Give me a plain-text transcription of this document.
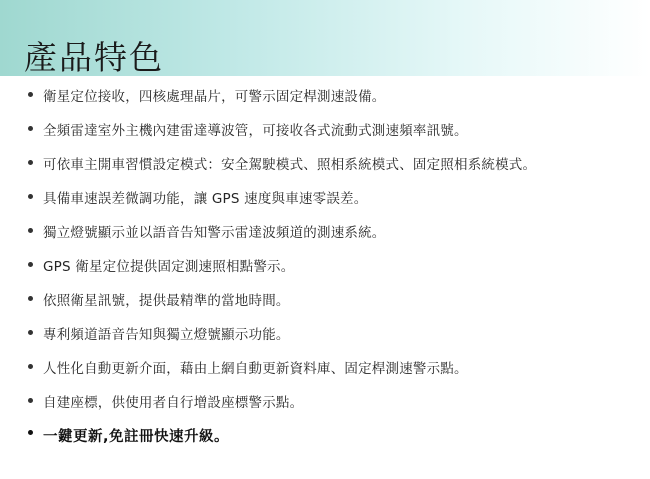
產品特色
衛星定位接收，四核處理晶片，可警示固定桿測速設備。
全頻雷達室外主機內建雷達導波管，可接收各式流動式測速頻率訊號。
可依車主開車習慣設定模式：安全駕駛模式、照相系統模式、固定照相系統模式。
具備車速誤差微調功能，讓 GPS 速度與車速零誤差。
獨立燈號顯示並以語音告知警示雷達波頻道的測速系統。
GPS 衛星定位提供固定測速照相點警示。
依照衛星訊號，提供最精準的當地時間。
專利頻道語音告知與獨立燈號顯示功能。
人性化自動更新介面，藉由上網自動更新資料庫、固定桿測速警示點。
自建座標，供使用者自行增設座標警示點。
一鍵更新,免註冊快速升級。
